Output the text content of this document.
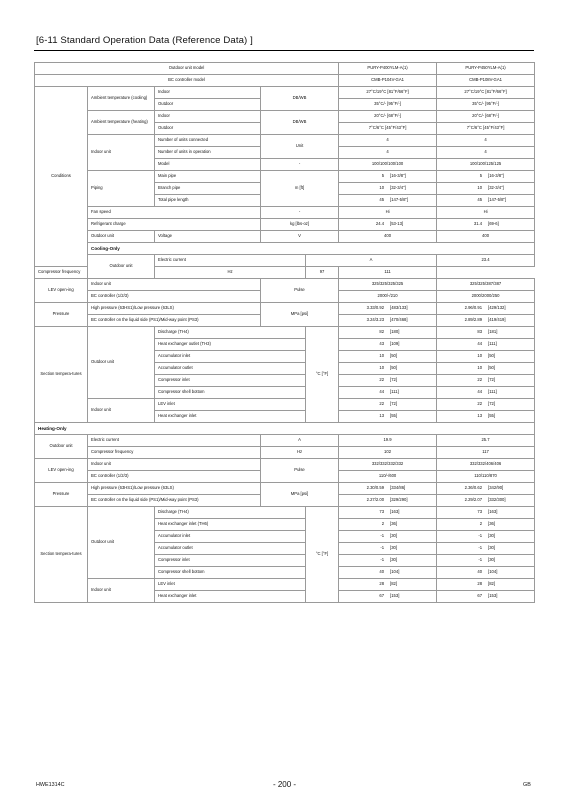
[6-11 Standard Operation Data (Reference Data) ]
Outdoor unit model					PURY-P400YLM-A(1)	PURY-P450YLM-A(1)	
BC controller model					CMB-P104V-GA1	CMB-P108V-GA1	
Conditions	Ambient temperature (cooling)	Indoor	DB/WB		27°C/19°C [81°F/66°F]	27°C/19°C [81°F/66°F]	
		Outdoor			35°C/- [95°F/-]	35°C/- [95°F/-]	
	Ambient temperature (heating)	Indoor	DB/WB		20°C/- [68°F/-]	20°C/- [68°F/-]	
		Outdoor			7°C/6°C [45°F/43°F]	7°C/6°C [45°F/43°F]	
	Indoor unit	Number of units connected	Unit		4	4	
		Number of units in operation			4	4	
		Model	-		100/100/100/100	100/100/125/125	
	Piping	Main pipe	m [ft]		5 [16-3/8"]	5 [16-3/8"]	

		Branch pipe			10 [32-3/4"]	10 [32-3/4"]	

		Total pipe length			45 [147-5/8"]	45 [147-5/8"]	

	Fan speed		-		Hi	Hi	
	Refrigerant charge		kg [lbs-oz]		24.4 [53-13]	31.4 [69-6]	

	Outdoor unit	Voltage	V		400	400	
	Cooling-Only						
	Outdoor unit	Electric current		A		23.4	
Compressor frequency		Hz		97	111		
LEV open-ing	Indoor unit		Pulse		325/325/325/325	325/325/387/387	
	BC controller (1/2/3)				2000/-/210	2000/2000/250	
Pressure	High pressure (63HS1)/Low pressure (63LS)		MPa [psi]		3.33/0.92 [483/133]	2.96/0.91 [429/132]	

	BC controller on the liquid side (PS1)/Mid-way point (PS3)				3.24/3.23 [470/468]	2.89/2.89 [419/419]	

Section tempera-tures	Outdoor unit	Discharge (TH4)		°C [°F]	82 [180]	83 [181]	

		Heat exchanger outlet (TH3)			43 [109]	44 [111]	

		Accumulator inlet			10 [50]	10 [50]	

		Accumulator outlet			10 [50]	10 [50]	

		Compressor inlet			22 [72]	22 [72]	

		Compressor shell bottom			44 [111]	44 [111]	

	Indoor unit	LEV inlet			22 [72]	22 [72]	

		Heat exchanger inlet			13 [55]	13 [55]	

Heating-Only							
Outdoor unit	Electric current		A		19.9	25.7	
	Compressor frequency		Hz		102	117	
LEV open-ing	Indoor unit		Pulse		332/332/332/332	332/332/406/406	
	BC controller (1/2/3)				110/-/600	110/110/870	
Pressure	High pressure (63HS1)/Low pressure (63LS)		MPa [psi]		2.30/0.59 [334/86]	2.36/0.62 [342/90]	

	BC controller on the liquid side (PS1)/Mid-way point (PS3)				2.27/2.00 [329/290]	2.29/2.07 [332/300]	

Section tempera-tures	Outdoor unit	Discharge (TH4)		°C [°F]	73 [163]	73 [163]	

		Heat exchanger inlet (TH6)			2 [36]	2 [36]	

		Accumulator inlet			-1 [30]	-1 [30]	

		Accumulator outlet			-1 [30]	-1 [30]	

		Compressor inlet			-1 [30]	-1 [30]	

		Compressor shell bottom			40 [104]	40 [104]	

	Indoor unit	LEV inlet			28 [82]	28 [82]	

		Heat exchanger inlet			67 [153]	67 [153]	
HWE1314C	- 200 -	GB
